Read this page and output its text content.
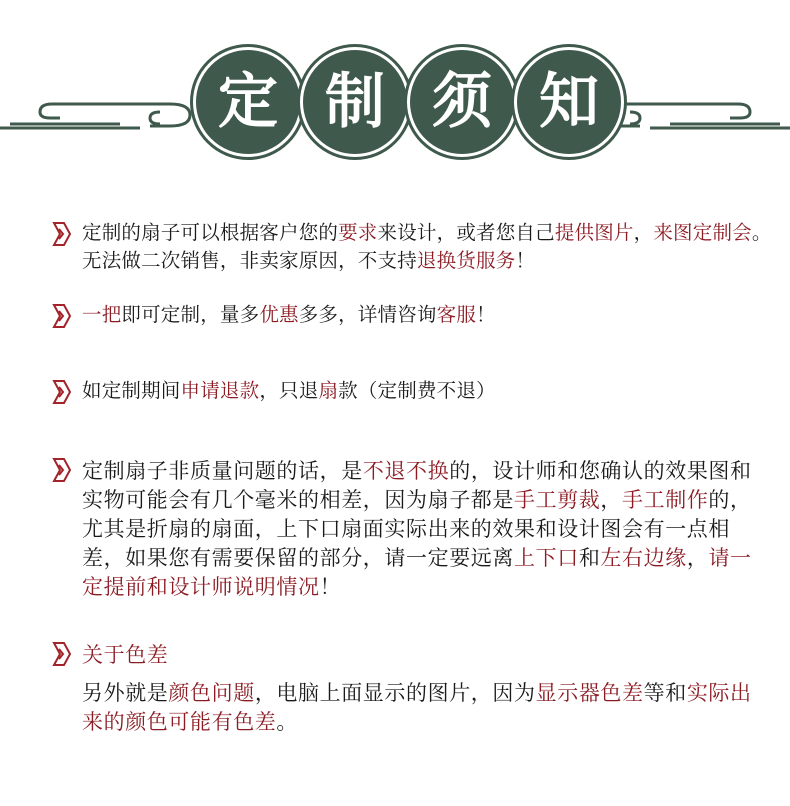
定 制 须 知

定制的扇子可以根据客户您的要求来设计，或者您自己提供图片，来图定制会。无法做二次销售，非卖家原因，不支持退换货服务！

一把即可定制，量多优惠多多，详情咨询客服！

如定制期间申请退款，只退扇款（定制费不退）

定制扇子非质量问题的话，是不退不换的，设计师和您确认的效果图和实物可能会有几个毫米的相差，因为扇子都是手工剪裁，手工制作的，尤其是折扇的扇面，上下口扇面实际出来的效果和设计图会有一点相差，如果您有需要保留的部分，请一定要远离上下口和左右边缘，请一定提前和设计师说明情况！

关于色差

另外就是颜色问题，电脑上面显示的图片，因为显示器色差等和实际出来的颜色可能有色差。
